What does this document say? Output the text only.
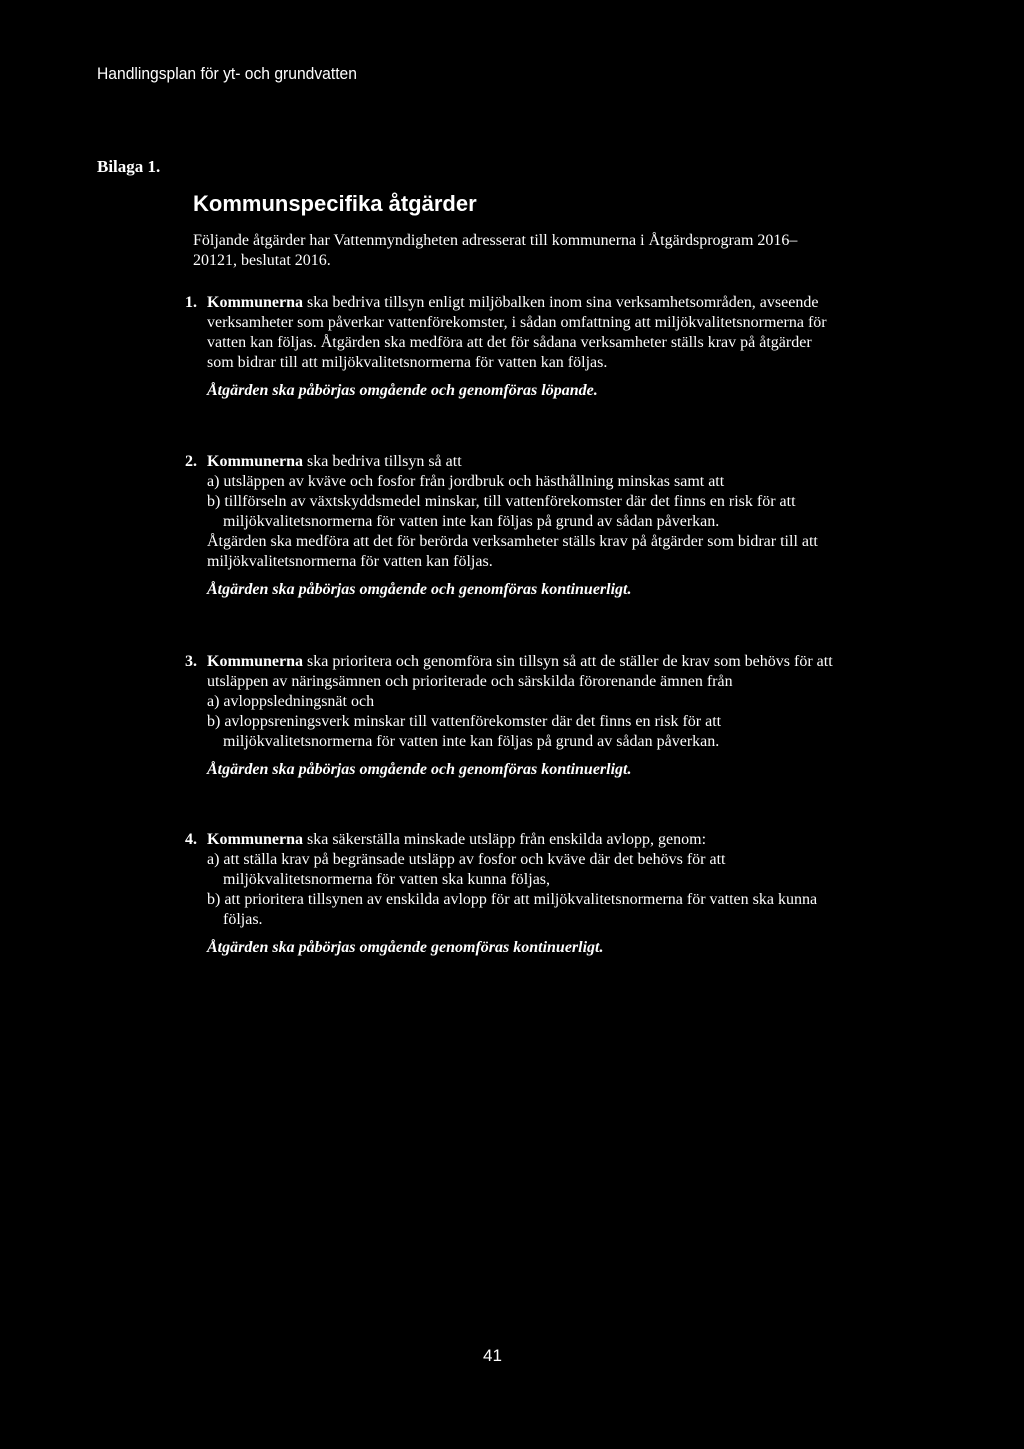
Handlingsplan för yt- och grundvatten
Bilaga 1.
Kommunspecifika åtgärder
Följande åtgärder har Vattenmyndigheten adresserat till kommunerna i Åtgärdsprogram 2016–20121, beslutat 2016.
1. Kommunerna ska bedriva tillsyn enligt miljöbalken inom sina verksamhetsområden, avseende verksamheter som påverkar vattenförekomster, i sådan omfattning att miljökvalitetsnormerna för vatten kan följas. Åtgärden ska medföra att det för sådana verksamheter ställs krav på åtgärder som bidrar till att miljökvalitetsnormerna för vatten kan följas.
Åtgärden ska påbörjas omgående och genomföras löpande.
2. Kommunerna ska bedriva tillsyn så att
a) utsläppen av kväve och fosfor från jordbruk och hästhållning minskas samt att
b) tillförseln av växtskyddsmedel minskar, till vattenförekomster där det finns en risk för att miljökvalitetsnormerna för vatten inte kan följas på grund av sådan påverkan.
Åtgärden ska medföra att det för berörda verksamheter ställs krav på åtgärder som bidrar till att miljökvalitetsnormerna för vatten kan följas.
Åtgärden ska påbörjas omgående och genomföras kontinuerligt.
3. Kommunerna ska prioritera och genomföra sin tillsyn så att de ställer de krav som behövs för att utsläppen av näringsämnen och prioriterade och särskilda förorenande ämnen från
a) avloppsledningsnät och
b) avloppsreningsverk minskar till vattenförekomster där det finns en risk för att miljökvalitetsnormerna för vatten inte kan följas på grund av sådan påverkan.
Åtgärden ska påbörjas omgående och genomföras kontinuerligt.
4. Kommunerna ska säkerställa minskade utsläpp från enskilda avlopp, genom:
a) att ställa krav på begränsade utsläpp av fosfor och kväve där det behövs för att miljökvalitetsnormerna för vatten ska kunna följas,
b) att prioritera tillsynen av enskilda avlopp för att miljökvalitetsnormerna för vatten ska kunna följas.
Åtgärden ska påbörjas omgående genomföras kontinuerligt.
41
